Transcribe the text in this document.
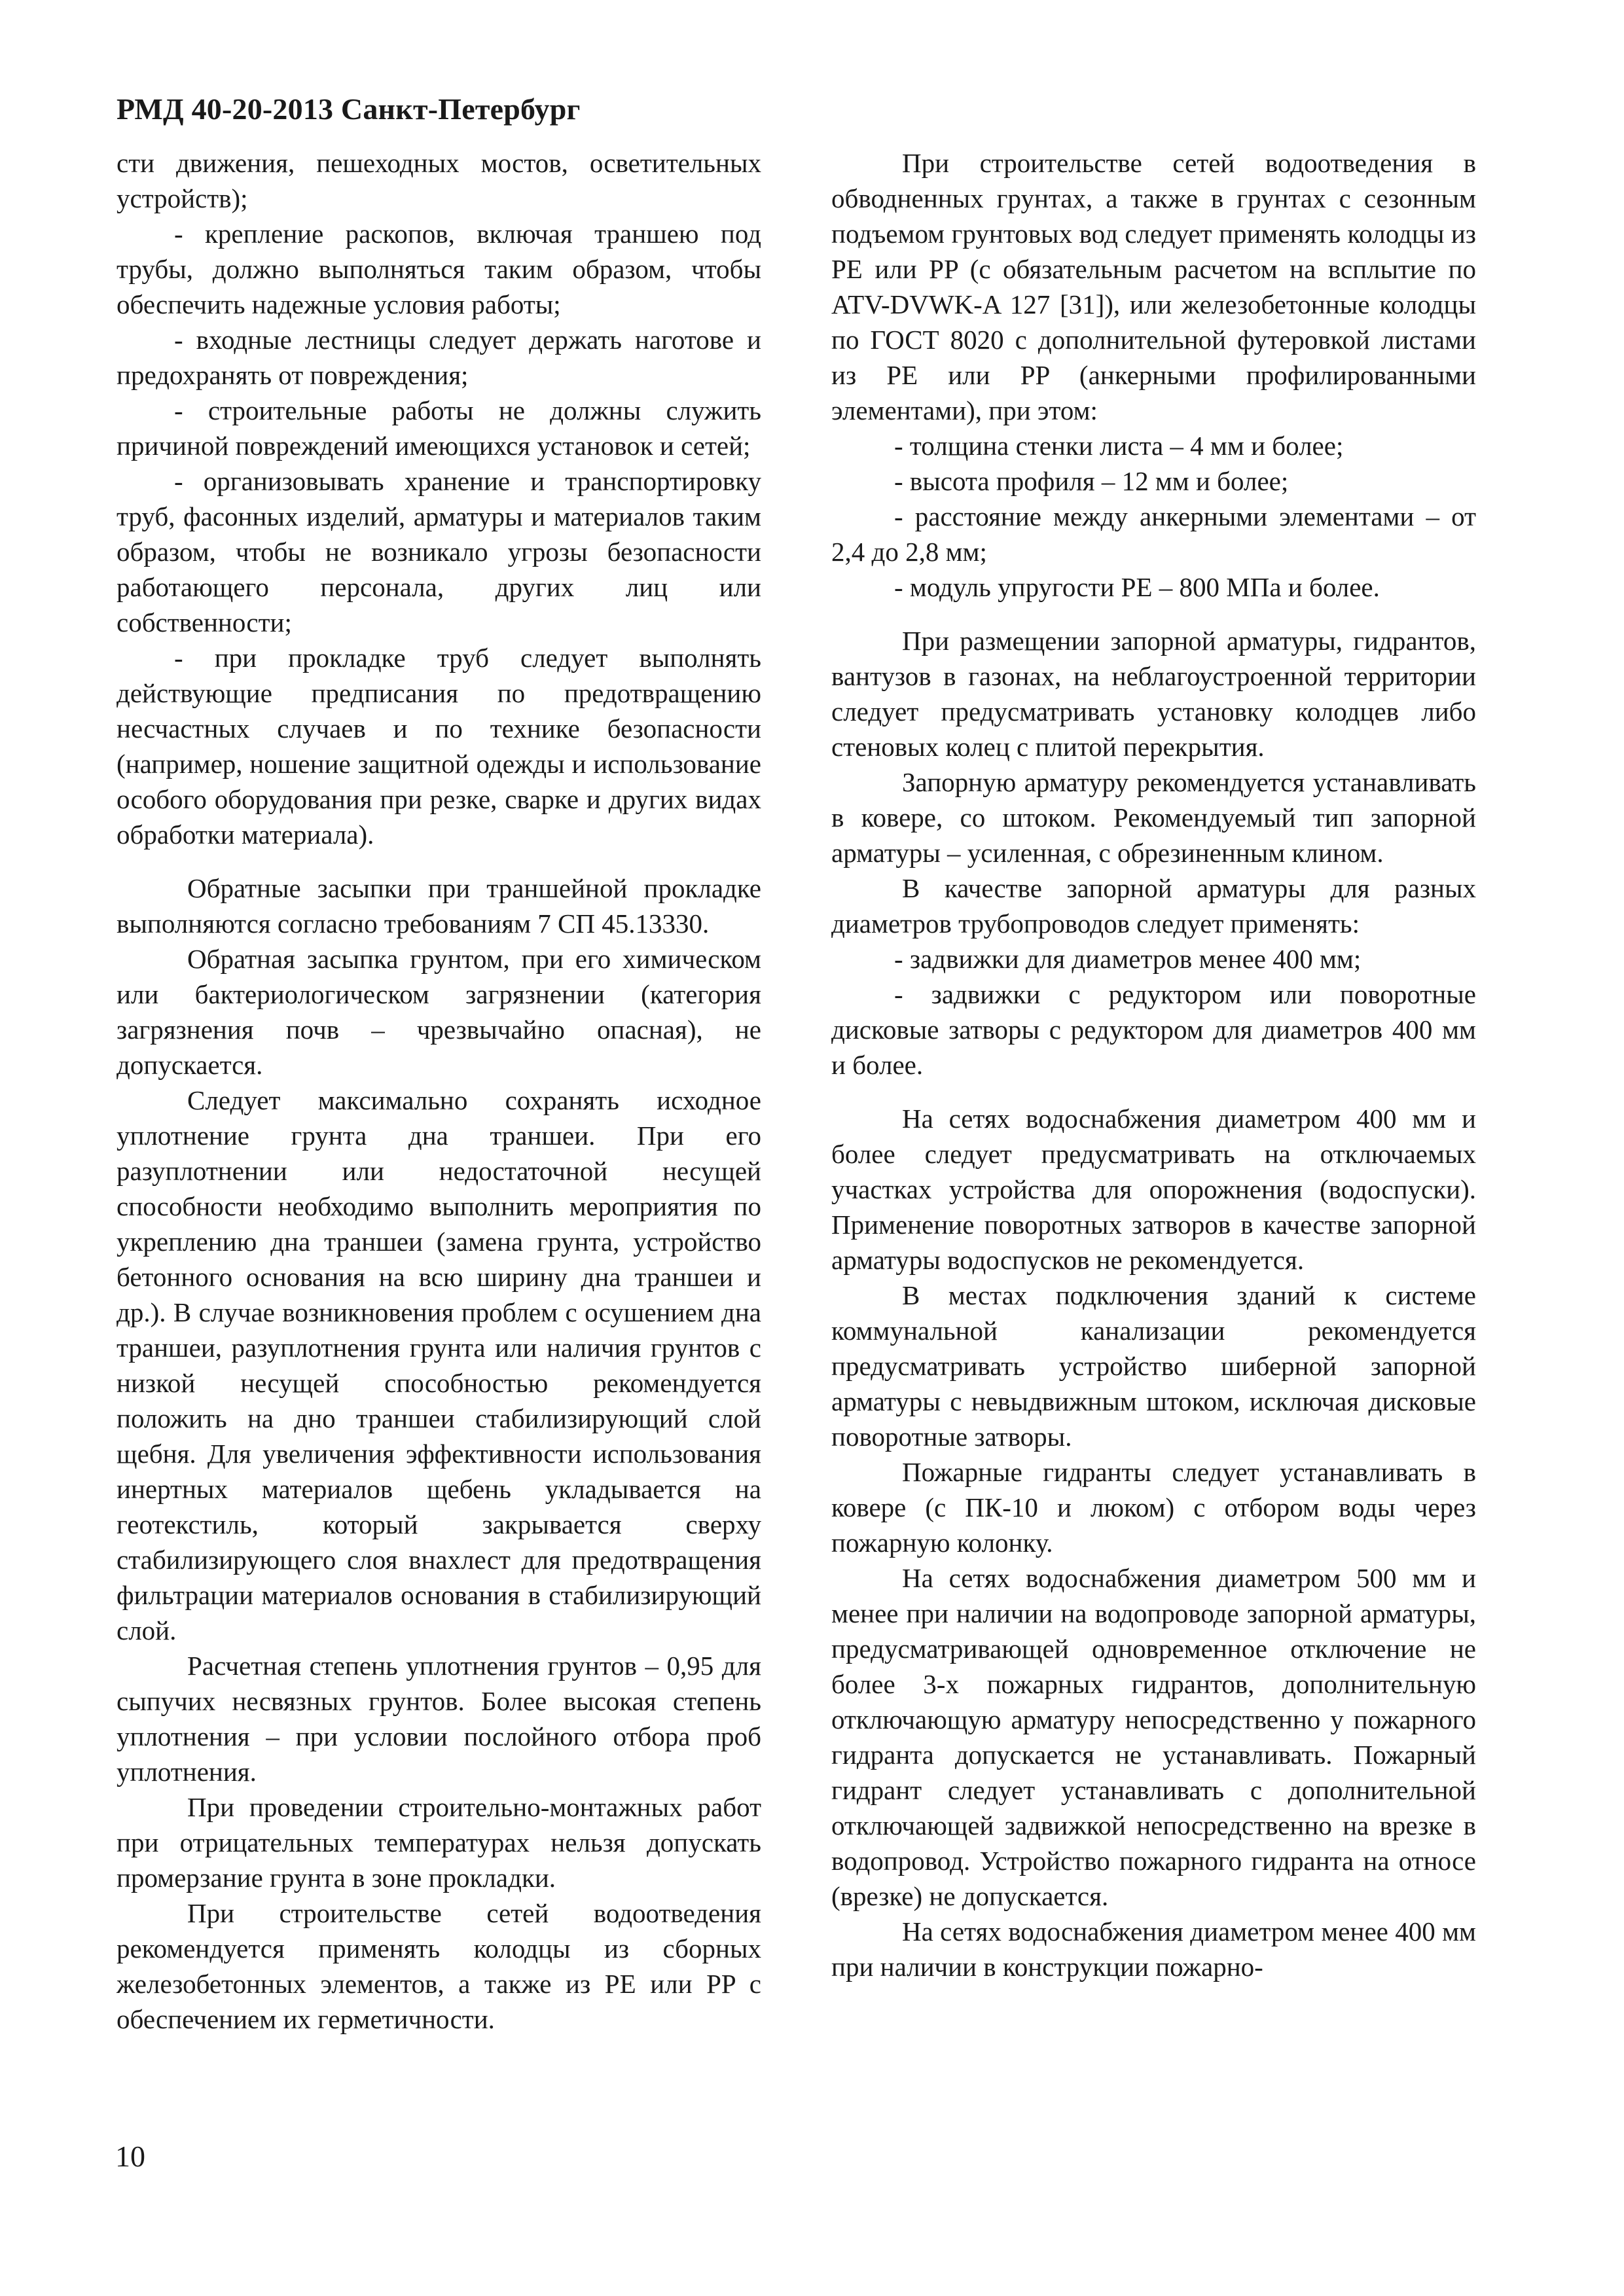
РМД 40-20-2013 Санкт-Петербург

сти движения, пешеходных мостов, осветительных устройств);

- крепление раскопов, включая траншею под трубы, должно выполняться таким образом, чтобы обеспечить надежные условия работы;

- входные лестницы следует держать наготове и предохранять от повреждения;

- строительные работы не должны служить причиной повреждений имеющихся установок и сетей;

- организовывать хранение и транспортировку труб, фасонных изделий, арматуры и материалов таким образом, чтобы не возникало угрозы безопасности работающего персонала, других лиц или собственности;

- при прокладке труб следует выполнять действующие предписания по предотвращению несчастных случаев и по технике безопасности (например, ношение защитной одежды и использование особого оборудования при резке, сварке и других видах обработки материала).

Обратные засыпки при траншейной прокладке выполняются согласно требованиям 7 СП 45.13330.

Обратная засыпка грунтом, при его химическом или бактериологическом загрязнении (категория загрязнения почв – чрезвычайно опасная), не допускается.

Следует максимально сохранять исходное уплотнение грунта дна траншеи. При его разуплотнении или недостаточной несущей способности необходимо выполнить мероприятия по укреплению дна траншеи (замена грунта, устройство бетонного основания на всю ширину дна траншеи и др.). В случае возникновения проблем с осушением дна траншеи, разуплотнения грунта или наличия грунтов с низкой несущей способностью рекомендуется положить на дно траншеи стабилизирующий слой щебня. Для увеличения эффективности использования инертных материалов щебень укладывается на геотекстиль, который закрывается сверху стабилизирующего слоя внахлест для предотвращения фильтрации материалов основания в стабилизирующий слой.

Расчетная степень уплотнения грунтов – 0,95 для сыпучих несвязных грунтов. Более высокая степень уплотнения – при условии послойного отбора проб уплотнения.

При проведении строительно-монтажных работ при отрицательных температурах нельзя допускать промерзание грунта в зоне прокладки.

При строительстве сетей водоотведения рекомендуется применять колодцы из сборных железобетонных элементов, а также из PE или PP с обеспечением их герметичности.

При строительстве сетей водоотведения в обводненных грунтах, а также в грунтах с сезонным подъемом грунтовых вод следует применять колодцы из PE или PP (с обязательным расчетом на всплытие по ATV-DVWK-A 127 [31]), или железобетонные колодцы по ГОСТ 8020 с дополнительной футеровкой листами из PE или PP (анкерными профилированными элементами), при этом:

- толщина стенки листа – 4 мм и более;

- высота профиля – 12 мм и более;

- расстояние между анкерными элементами – от 2,4 до 2,8 мм;

- модуль упругости PE – 800 МПа и более.

При размещении запорной арматуры, гидрантов, вантузов в газонах, на неблагоустроенной территории следует предусматривать установку колодцев либо стеновых колец с плитой перекрытия.

Запорную арматуру рекомендуется устанавливать в ковере, со штоком. Рекомендуемый тип запорной арматуры – усиленная, с обрезиненным клином.

В качестве запорной арматуры для разных диаметров трубопроводов следует применять:

- задвижки для диаметров менее 400 мм;

- задвижки с редуктором или поворотные дисковые затворы с редуктором для диаметров 400 мм и более.

На сетях водоснабжения диаметром 400 мм и более следует предусматривать на отключаемых участках устройства для опорожнения (водоспуски). Применение поворотных затворов в качестве запорной арматуры водоспусков не рекомендуется.

В местах подключения зданий к системе коммунальной канализации рекомендуется предусматривать устройство шиберной запорной арматуры с невыдвижным штоком, исключая дисковые поворотные затворы.

Пожарные гидранты следует устанавливать в ковере (с ПК-10 и люком) с отбором воды через пожарную колонку.

На сетях водоснабжения диаметром 500 мм и менее при наличии на водопроводе запорной арматуры, предусматривающей одновременное отключение не более 3-х пожарных гидрантов, дополнительную отключающую арматуру непосредственно у пожарного гидранта допускается не устанавливать. Пожарный гидрант следует устанавливать с дополнительной отключающей задвижкой непосредственно на врезке в водопровод. Устройство пожарного гидранта на относе (врезке) не допускается.

На сетях водоснабжения диаметром менее 400 мм при наличии в конструкции пожарно-

10
